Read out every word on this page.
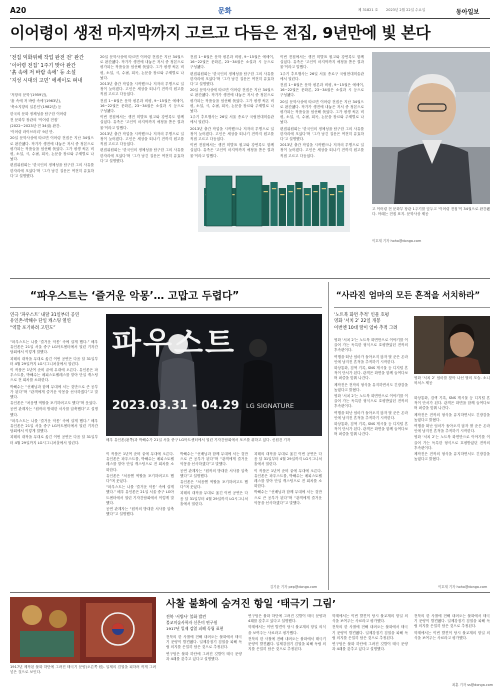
A20	문화	제 31821 호 2023년 2월 22일 수요일	동아일보
이어령이 생전 마지막까지 고르고 다듬은 전집, 9년만에 빛 본다
‘전집 익화위해 작업 완전 전’ 완간
‘이어령 전집’ 1주기 맞아 완간
‘흙 속에 저 바람 속에’ 등 소설
‘지성 시대의 고민’ 에세이도 펴내

‘저항의 문학’(1959년),

‘흙 속에 저 바람 속에’(1963년),

‘축소지향의 일본인’(1982년) 등

한국의 문화 정체성을 탐구한 이어령

전 문화부 장관의 ‘이어령 전집’

(2022~2023년·전 34권) 완간.

‘이어령 라이브러리’ 9년 만.

20일 문학사상에 따르면 이어령 전집은 지난 34권으로 완간됐다. 작가가 생전에 내놓은 저서 중 정본으로 평가되는 작품들을 엄선해 묶었다. 그가 평생 써온 비평, 소설, 시, 수필, 희곡, 논문을 장르와 주제별로 나눴다.

편집위원회는 ‘한국인의 정체성을 탐구한 그의 사유를 한자리에 모았다’며 ‘그가 남긴 질문은 여전히 유효하다’고 설명했다.

20일 문학사상에 따르면 이어령 전집은 지난 34권으로 완간됐다. 작가가 생전에 내놓은 저서 중 정본으로 평가되는 작품들을 엄선해 묶었다. 그가 평생 써온 비평, 소설, 시, 수필, 희곡, 논문을 장르와 주제별로 나눴다.

2013년 출간 작업을 시작했으나 저자의 투병으로 일정이 늦어졌다. 고인은 세상을 떠나기 전까지 원고를 직접 고르고 다듬었다.

전집 1~8권은 문학 평론과 비평, 9~15권은 에세이, 16~22권은 문화론, 23~34권은 소설과 시 등으로 구성됐다.

이번 전집에서는 생전 미발표 원고와 강연록도 함께 실었다. 유족은 ‘고인이 마지막까지 애정을 쏟은 결과물’이라고 말했다.

2013년 출간 작업을 시작했으나 저자의 투병으로 일정이 늦어졌다. 고인은 세상을 떠나기 전까지 원고를 직접 고르고 다듬었다.

편집위원회는 ‘한국인의 정체성을 탐구한 그의 사유를 한자리에 모았다’며 ‘그가 남긴 질문은 여전히 유효하다’고 설명했다.

전집 1~8권은 문학 평론과 비평, 9~15권은 에세이, 16~22권은 문화론, 23~34권은 소설과 시 등으로 구성됐다.

편집위원회는 ‘한국인의 정체성을 탐구한 그의 사유를 한자리에 모았다’며 ‘그가 남긴 질문은 여전히 유효하다’고 설명했다.

20일 문학사상에 따르면 이어령 전집은 지난 34권으로 완간됐다. 작가가 생전에 내놓은 저서 중 정본으로 평가되는 작품들을 엄선해 묶었다. 그가 평생 써온 비평, 소설, 시, 수필, 희곡, 논문을 장르와 주제별로 나눴다.

1주기 추모행사는 26일 서울 종로구 국립현대미술관에서 열린다.

2013년 출간 작업을 시작했으나 저자의 투병으로 일정이 늦어졌다. 고인은 세상을 떠나기 전까지 원고를 직접 고르고 다듬었다.

이번 전집에서는 생전 미발표 원고와 강연록도 함께 실었다. 유족은 ‘고인이 마지막까지 애정을 쏟은 결과물’이라고 말했다.

이번 전집에서는 생전 미발표 원고와 강연록도 함께 실었다. 유족은 ‘고인이 마지막까지 애정을 쏟은 결과물’이라고 말했다.

1주기 추모행사는 26일 서울 종로구 국립현대미술관에서 열린다.

전집 1~8권은 문학 평론과 비평, 9~15권은 에세이, 16~22권은 문화론, 23~34권은 소설과 시 등으로 구성됐다.

20일 문학사상에 따르면 이어령 전집은 지난 34권으로 완간됐다. 작가가 생전에 내놓은 저서 중 정본으로 평가되는 작품들을 엄선해 묶었다. 그가 평생 써온 비평, 소설, 시, 수필, 희곡, 논문을 장르와 주제별로 나눴다.

편집위원회는 ‘한국인의 정체성을 탐구한 그의 사유를 한자리에 모았다’며 ‘그가 남긴 질문은 여전히 유효하다’고 설명했다.

2013년 출간 작업을 시작했으나 저자의 투병으로 일정이 늦어졌다. 고인은 세상을 떠나기 전까지 원고를 직접 고르고 다듬었다.

고 이어령 전 문화부 장관 1주기를 앞두고 ‘이어령 전집’이 34권으로 완간됐다. 아래는 전집 표지. 문학사상 제공
이호재 기자 hoho@donga.com
“파우스트는 ‘즐거운 악몽’… 고맙고 두렵다”
연극 ‘파우스트’ 내달 31일부터 공연
유인촌-박해수 단일 캐스팅 열연
“역할 포기하려 고민도”

“파우스트는 나를 ‘즐거운 악몽’ 속에 살게 했다.” 배우 유인촌은 21일 서울 중구 LG아트센터에서 열린 기자간담회에서 이렇게 말했다.

괴테의 대작을 무대로 옮긴 이번 공연은 다음 달 31일부터 4월 29일까지 LG시그니처홀에서 열린다.

이 작품은 1년여 준비 끝에 무대에 오른다. 유인촌은 파우스트를, 박해수는 메피스토펠레스를 맡아 단일 캐스팅으로 전 회차를 소화한다.

박해수는 “선배님과 함께 무대에 서는 것만으로 큰 공부가 된다”며 “관객에게 즐거운 악몽을 선사하겠다”고 말했다.

유인촌은 “처음엔 역할을 포기하려고도 했다”며 웃었다.

공연 관계자는 “원작의 방대한 서사를 압축했다”고 설명했다.

“파우스트는 나를 ‘즐거운 악몽’ 속에 살게 했다.” 배우 유인촌은 21일 서울 중구 LG아트센터에서 열린 기자간담회에서 이렇게 말했다.

괴테의 대작을 무대로 옮긴 이번 공연은 다음 달 31일부터 4월 29일까지 LG시그니처홀에서 열린다.

파우스트
2023.03.31 - 04.29 LG SIGNATURE
배우 유인촌(왼쪽)과 박해수가 21일 서울 중구 LG아트센터에서 열린 기자간담회에서 포즈를 취하고 있다. 신원건 기자

이 작품은 1년여 준비 끝에 무대에 오른다. 유인촌은 파우스트를, 박해수는 메피스토펠레스를 맡아 단일 캐스팅으로 전 회차를 소화한다.

유인촌은 “처음엔 역할을 포기하려고도 했다”며 웃었다.

“파우스트는 나를 ‘즐거운 악몽’ 속에 살게 했다.” 배우 유인촌은 21일 서울 중구 LG아트센터에서 열린 기자간담회에서 이렇게 말했다.

공연 관계자는 “원작의 방대한 서사를 압축했다”고 설명했다.

박해수는 “선배님과 함께 무대에 서는 것만으로 큰 공부가 된다”며 “관객에게 즐거운 악몽을 선사하겠다”고 말했다.

공연 관계자는 “원작의 방대한 서사를 압축했다”고 설명했다.

유인촌은 “처음엔 역할을 포기하려고도 했다”며 웃었다.

괴테의 대작을 무대로 옮긴 이번 공연은 다음 달 31일부터 4월 29일까지 LG시그니처홀에서 열린다.

괴테의 대작을 무대로 옮긴 이번 공연은 다음 달 31일부터 4월 29일까지 LG시그니처홀에서 열린다.

이 작품은 1년여 준비 끝에 무대에 오른다. 유인촌은 파우스트를, 박해수는 메피스토펠레스를 맡아 단일 캐스팅으로 전 회차를 소화한다.

박해수는 “선배님과 함께 무대에 서는 것만으로 큰 공부가 된다”며 “관객에게 즐거운 악몽을 선사하겠다”고 말했다.

김기윤 기자 pep@donga.com
“사라진 엄마의 모든 흔적을 서치하라”
‘노트북 화면 추적’ 인물 호평
영화 ‘서치 2’ 22일 개봉
이번엔 10대 딸이 엄마 추적 그려

영화 ‘서치 2’는 노트북 화면만으로 이야기를 이끌어 가는 독특한 형식으로 호평받았던 전작의 후속편이다.

여행을 떠난 엄마가 돌아오지 않자 딸 준은 온라인에 남겨진 흔적을 추적하기 시작한다.

화상통화, 검색 기록, SNS 게시물 등 디지털 흔적이 단서가 된다. 관객은 화면을 함께 들여다보며 퍼즐을 맞춰 나간다.

제작진은 전작의 형식을 유지하면서도 긴장감을 높였다고 밝혔다.

영화 ‘서치 2’는 노트북 화면만으로 이야기를 이끌어 가는 독특한 형식으로 호평받았던 전작의 후속편이다.

여행을 떠난 엄마가 돌아오지 않자 딸 준은 온라인에 남겨진 흔적을 추적하기 시작한다.

화상통화, 검색 기록, SNS 게시물 등 디지털 흔적이 단서가 된다. 관객은 화면을 함께 들여다보며 퍼즐을 맞춰 나간다.

영화 ‘서치 2’ 엄마를 찾아 나선 딸의 모습. 소니픽처스 제공

화상통화, 검색 기록, SNS 게시물 등 디지털 흔적이 단서가 된다. 관객은 화면을 함께 들여다보며 퍼즐을 맞춰 나간다.

제작진은 전작의 형식을 유지하면서도 긴장감을 높였다고 밝혔다.

여행을 떠난 엄마가 돌아오지 않자 딸 준은 온라인에 남겨진 흔적을 추적하기 시작한다.

영화 ‘서치 2’는 노트북 화면만으로 이야기를 이끌어 가는 독특한 형식으로 호평받았던 전작의 후속편이다.

제작진은 전작의 형식을 유지하면서도 긴장감을 높였다고 밝혔다.

이호재 기자 hoho@donga.com
1917년 제작된 불화 하단에 그려진 태극기 문양(오른쪽 원). 일제의 검열을 피하려 작게 그려 넣은 것으로 보인다.
사찰 불화에 숨겨진 항일 ‘태극기 그림’
전북 ‘서방사’ 불화 발견
불교미술사학자 신은미 연구원
1917년 일제 검열 피해 독립 표현

전북의 한 사찰에 전해 내려오는 불화에서 태극기 문양이 발견됐다. 일제강점기 검열을 피해 독립 의지를 은밀히 담은 것으로 추정된다.

연구팀은 불화 하단에 그려진 깃발이 태극 문양과 4괘를 갖추고 있다고 설명했다.

연구팀은 불화 하단에 그려진 깃발이 태극 문양과 4괘를 갖추고 있다고 설명했다.

학계에서는 이번 발견이 당시 불교계의 항일 의식을 보여주는 사료라고 평가했다.

전북의 한 사찰에 전해 내려오는 불화에서 태극기 문양이 발견됐다. 일제강점기 검열을 피해 독립 의지를 은밀히 담은 것으로 추정된다.

학계에서는 이번 발견이 당시 불교계의 항일 의식을 보여주는 사료라고 평가했다.

전북의 한 사찰에 전해 내려오는 불화에서 태극기 문양이 발견됐다. 일제강점기 검열을 피해 독립 의지를 은밀히 담은 것으로 추정된다.

연구팀은 불화 하단에 그려진 깃발이 태극 문양과 4괘를 갖추고 있다고 설명했다.

전북의 한 사찰에 전해 내려오는 불화에서 태극기 문양이 발견됐다. 일제강점기 검열을 피해 독립 의지를 은밀히 담은 것으로 추정된다.

학계에서는 이번 발견이 당시 불교계의 항일 의식을 보여주는 사료라고 평가했다.

최훈 기자 ss@donga.com
